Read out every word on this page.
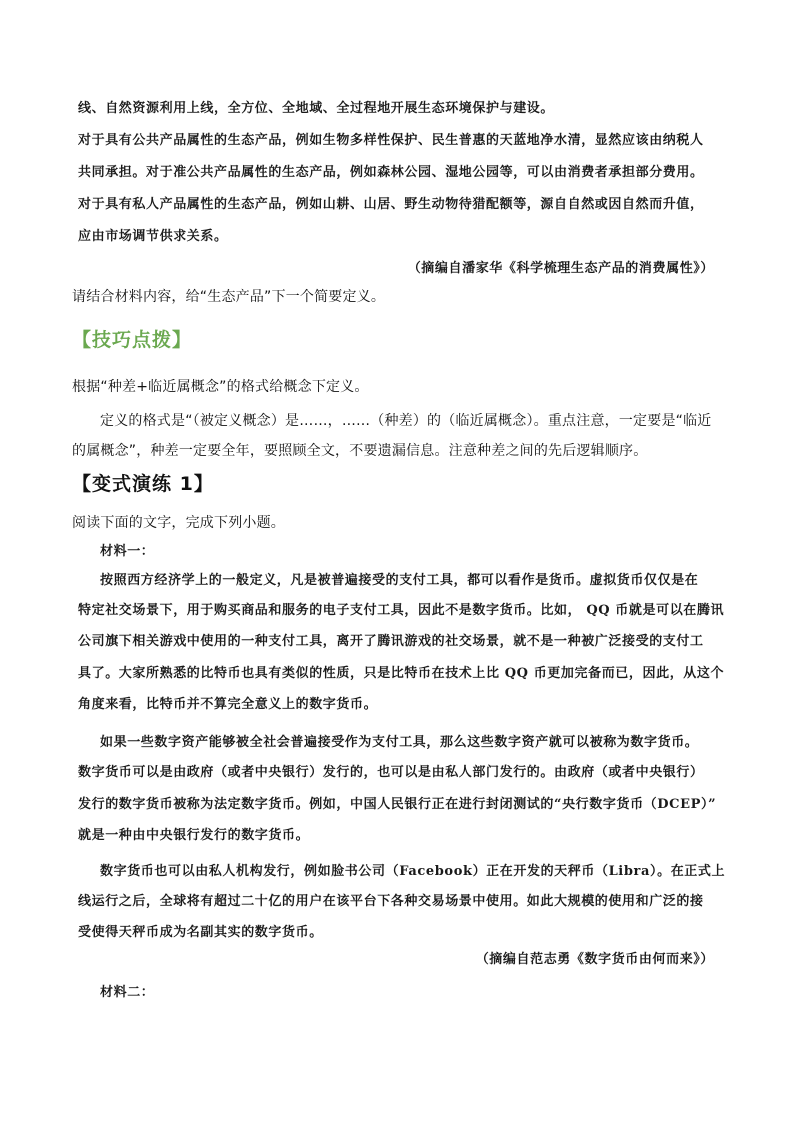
线、自然资源利用上线，全方位、全地域、全过程地开展生态环境保护与建设。
对于具有公共产品属性的生态产品，例如生物多样性保护、民生普惠的天蓝地净水清，显然应该由纳税人
共同承担。对于准公共产品属性的生态产品，例如森林公园、湿地公园等，可以由消费者承担部分费用。
对于具有私人产品属性的生态产品，例如山耕、山居、野生动物待猎配额等，源自自然或因自然而升值，
应由市场调节供求关系。
（摘编自潘家华《科学梳理生态产品的消费属性》）
请结合材料内容，给“生态产品”下一个简要定义。
【技巧点拨】
根据“种差+临近属概念”的格式给概念下定义。
定义的格式是“（被定义概念）是……，……（种差）的（临近属概念）。重点注意，一定要是“临近
的属概念”，种差一定要全年，要照顾全文，不要遗漏信息。注意种差之间的先后逻辑顺序。
【变式演练 1】
阅读下面的文字，完成下列小题。
材料一：
按照西方经济学上的一般定义，凡是被普遍接受的支付工具，都可以看作是货币。虚拟货币仅仅是在
特定社交场景下，用于购买商品和服务的电子支付工具，因此不是数字货币。比如， QQ 币就是可以在腾讯
公司旗下相关游戏中使用的一种支付工具，离开了腾讯游戏的社交场景，就不是一种被广泛接受的支付工
具了。大家所熟悉的比特币也具有类似的性质，只是比特币在技术上比 QQ 币更加完备而已，因此，从这个
角度来看，比特币并不算完全意义上的数字货币。
如果一些数字资产能够被全社会普遍接受作为支付工具，那么这些数字资产就可以被称为数字货币。
数字货币可以是由政府（或者中央银行）发行的，也可以是由私人部门发行的。由政府（或者中央银行）
发行的数字货币被称为法定数字货币。例如，中国人民银行正在进行封闭测试的“央行数字货币（DCEP）”
就是一种由中央银行发行的数字货币。
数字货币也可以由私人机构发行，例如脸书公司（Facebook）正在开发的天秤币（Libra）。在正式上
线运行之后，全球将有超过二十亿的用户在该平台下各种交易场景中使用。如此大规模的使用和广泛的接
受使得天秤币成为名副其实的数字货币。
（摘编自范志勇《数字货币由何而来》）
材料二：
